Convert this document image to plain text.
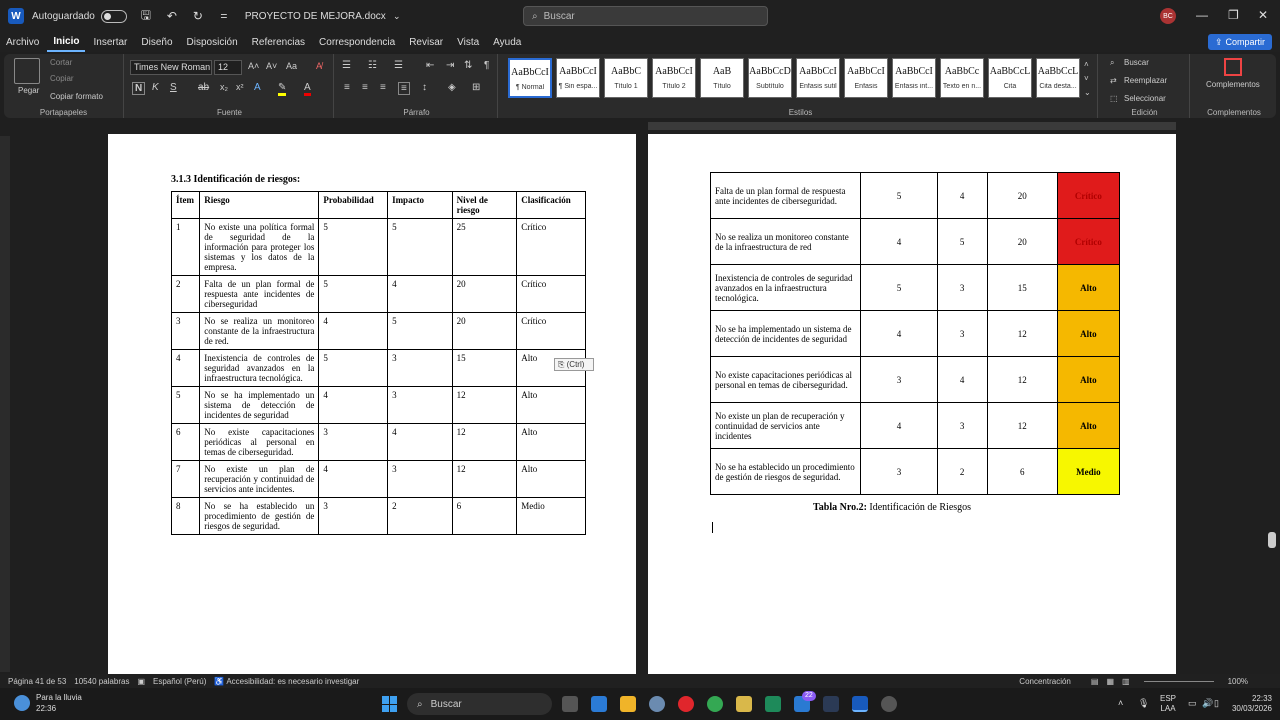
W	Autoguardado	🖫 ↶ ↻ =	PROYECTO DE MEJORA.docx ⌄	⌕ Buscar	BC — ❐ ✕
Archivo	Inicio	Insertar	Diseño	Disposición	Referencias	Correspondencia	Revisar	Vista	Ayuda	⇪ Compartir
Pegar
Cortar
Copiar
Copiar formato
Portapapeles
Times New Roman 12	A˄ A˅ Aa A̸
N K S ab x₂ x² A ✎ A
Fuente
☰ ☷ ☰ ⇤ ⇥ ⇅ ¶
≡ ≡ ≡	≡	↕ ◈ ⊞
Párrafo
AaBbCcI
¶ Normal
AaBbCcI
¶ Sin espa...
AaBbC
Título 1
AaBbCcI
Título 2
AaB
Título
AaBbCcD
Subtítulo
AaBbCcI
Énfasis sutil
AaBbCcI
Énfasis
AaBbCcI
Énfasis int...
AaBbCc
Texto en n...
AaBbCcL
Cita
AaBbCcL
Cita desta...
˄
˅
⌄
Estilos
⌕ Buscar
⇄ Reemplazar
⬚ Seleccionar
Edición
Complementos
Complementos
3.1.3 Identificación de riesgos:
Ítem	Riesgo	Probabilidad	Impacto	Nivel de riesgo	Clasificación
1	No existe una política formal de seguridad de la información para proteger los sistemas y los datos de la empresa.	5	5	25	Crítico
2	Falta de un plan formal de respuesta ante incidentes de ciberseguridad	5	4	20	Crítico
3	No se realiza un monitoreo constante de la infraestructura de red.	4	5	20	Crítico
4	Inexistencia de controles de seguridad avanzados en la infraestructura tecnológica.	5	3	15	Alto
5	No se ha implementado un sistema de detección de incidentes de seguridad	4	3	12	Alto
6	No existe capacitaciones periódicas al personal en temas de ciberseguridad.	3	4	12	Alto
7	No existe un plan de recuperación y continuidad de servicios ante incidentes.	4	3	12	Alto
8	No se ha establecido un procedimiento de gestión de riesgos de seguridad.	3	2	6	Medio
⎘ (Ctrl)
Falta de un plan formal de respuesta ante incidentes de ciberseguridad.	5	4	20	Crítico
No se realiza un monitoreo constante de la infraestructura de red	4	5	20	Crítico
Inexistencia de controles de seguridad avanzados en la infraestructura tecnológica.	5	3	15	Alto
No se ha implementado un sistema de detección de incidentes de seguridad	4	3	12	Alto
No existe capacitaciones periódicas al personal en temas de ciberseguridad.	3	4	12	Alto
No existe un plan de recuperación y continuidad de servicios ante incidentes	4	3	12	Alto
No se ha establecido un procedimiento de gestión de riesgos de seguridad.	3	2	6	Medio
Tabla Nro.2: Identificación de Riesgos
Página 41 de 53 10540 palabras ▣ Español (Perú) ♿ Accesibilidad: es necesario investigar	Concentración	▤ ▦ ▥	100%
Para la lluvia
22:36	⌕ Buscar
22
˄ 🎙 ESP
LAA
▭ 🔊 ▯	22:33
30/03/2026
